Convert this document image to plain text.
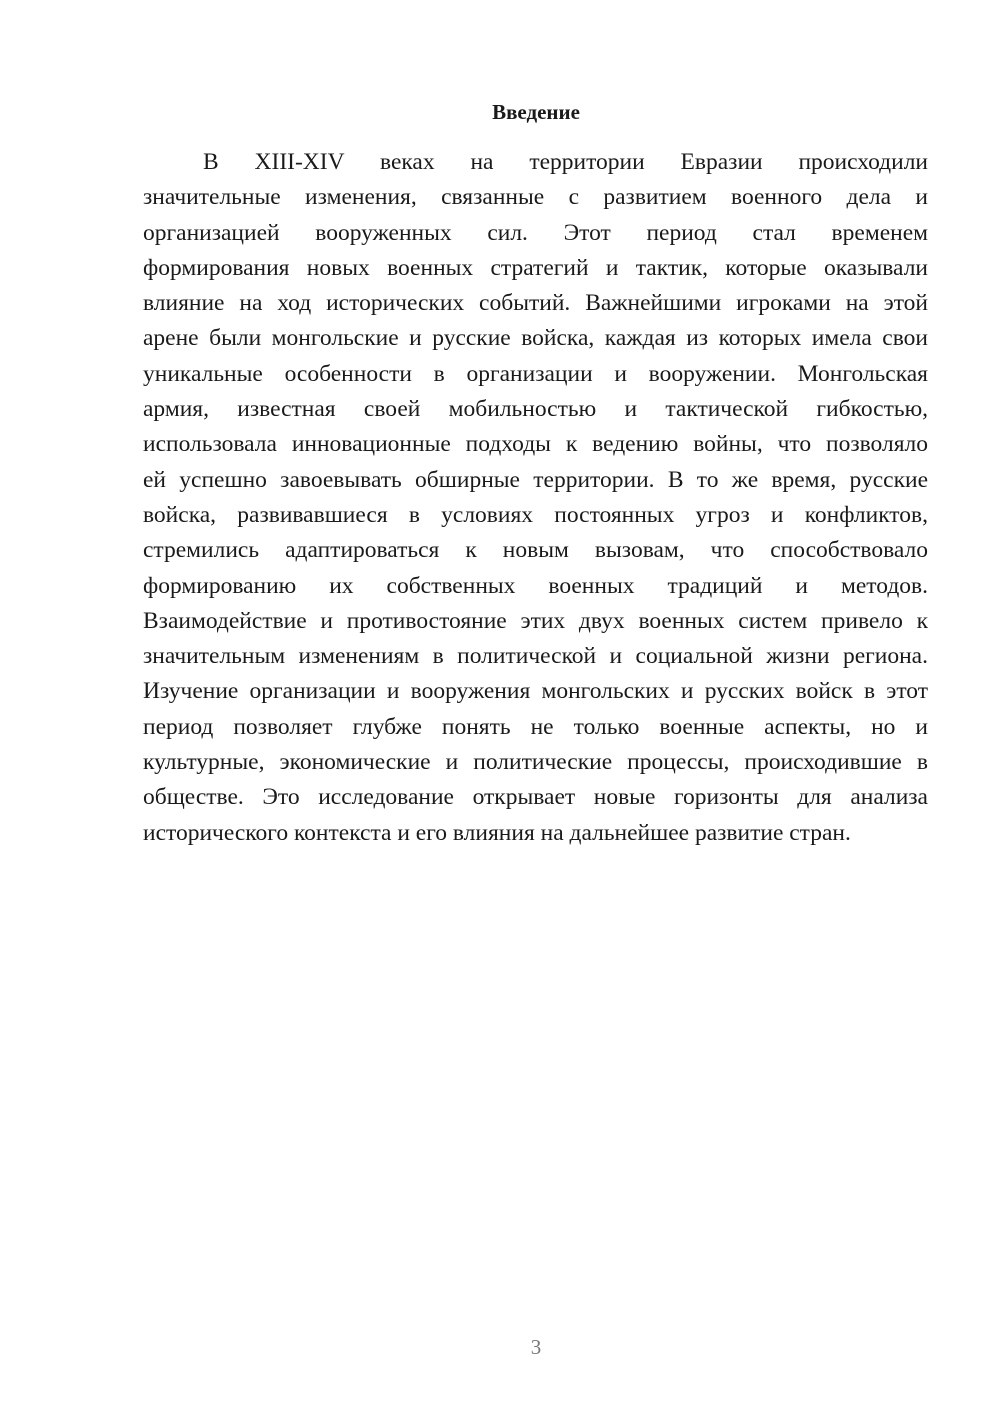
Введение
В XIII-XIV веках на территории Евразии происходили
значительные изменения, связанные с развитием военного дела и
организацией вооруженных сил. Этот период стал временем
формирования новых военных стратегий и тактик, которые оказывали
влияние на ход исторических событий. Важнейшими игроками на этой
арене были монгольские и русские войска, каждая из которых имела свои
уникальные особенности в организации и вооружении. Монгольская
армия, известная своей мобильностью и тактической гибкостью,
использовала инновационные подходы к ведению войны, что позволяло
ей успешно завоевывать обширные территории. В то же время, русские
войска, развивавшиеся в условиях постоянных угроз и конфликтов,
стремились адаптироваться к новым вызовам, что способствовало
формированию их собственных военных традиций и методов.
Взаимодействие и противостояние этих двух военных систем привело к
значительным изменениям в политической и социальной жизни региона.
Изучение организации и вооружения монгольских и русских войск в этот
период позволяет глубже понять не только военные аспекты, но и
культурные, экономические и политические процессы, происходившие в
обществе. Это исследование открывает новые горизонты для анализа
исторического контекста и его влияния на дальнейшее развитие стран.

3
